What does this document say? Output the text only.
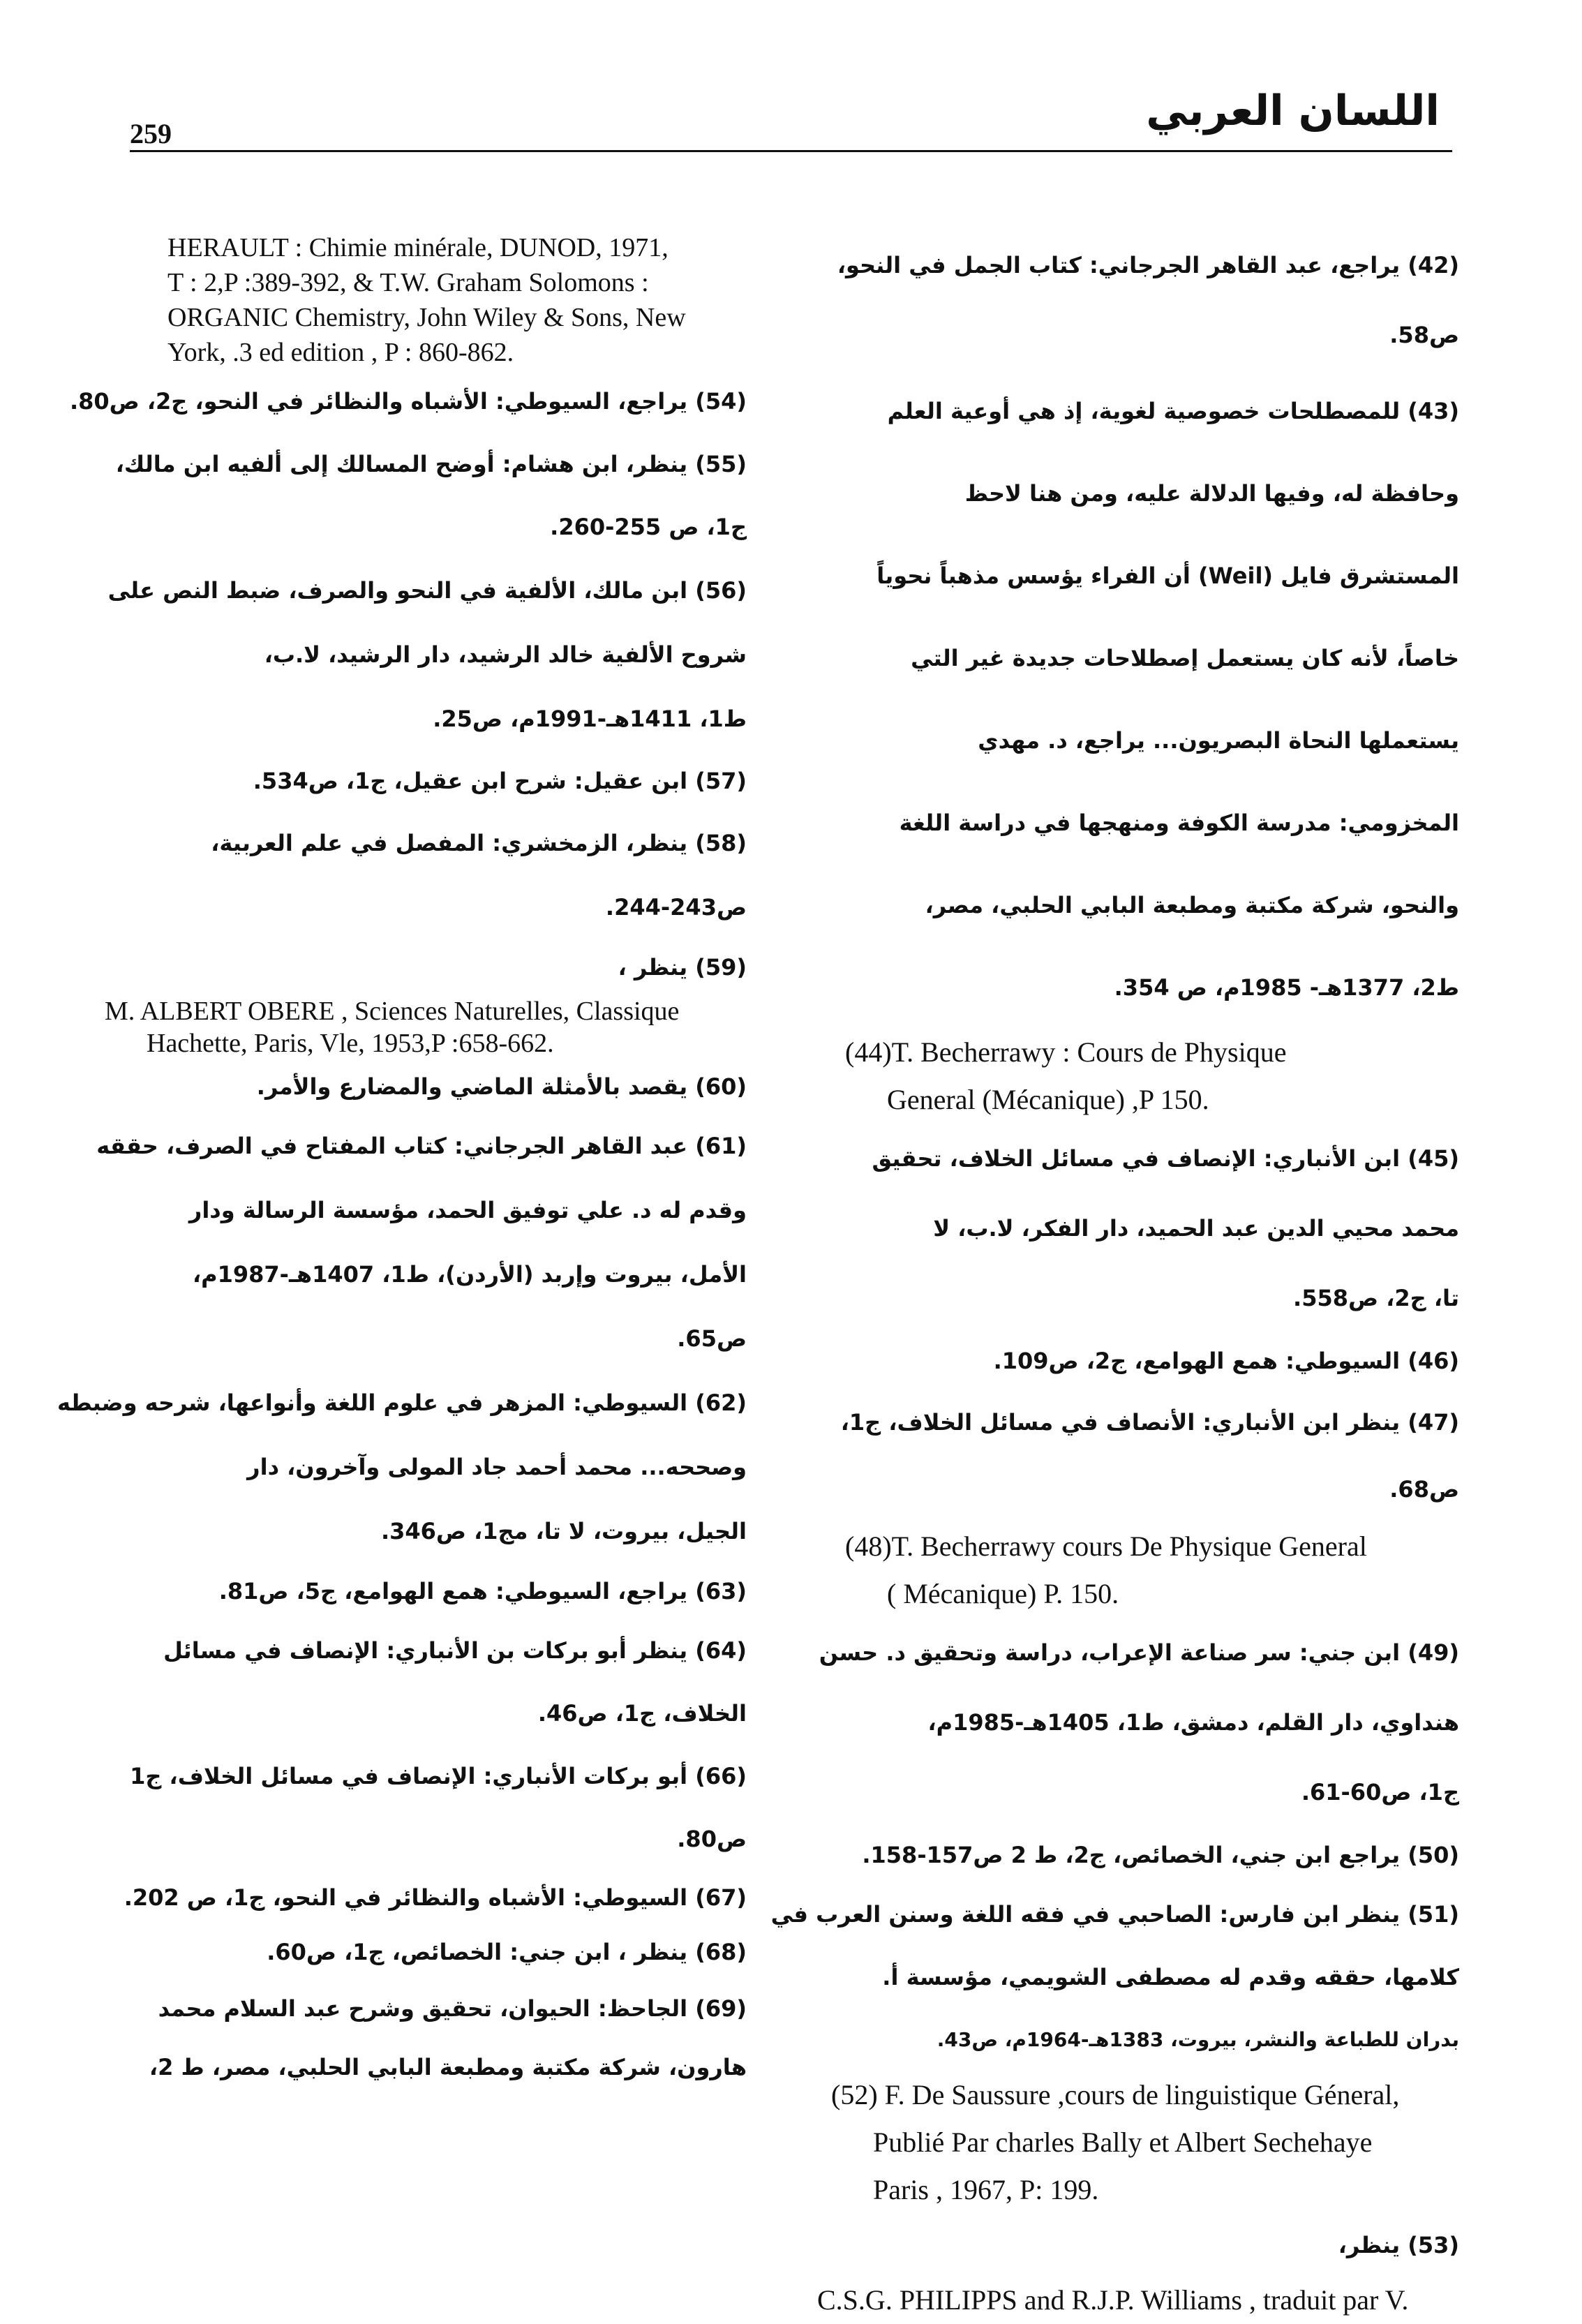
259	اللسان العربي
(42) يراجع، عبد القاهر الجرجاني: كتاب الجمل في النحو،
ص58.
(43) للمصطلحات خصوصية لغوية، إذ هي أوعية العلم
وحافظة له، وفيها الدلالة عليه، ومن هنا لاحظ
المستشرق فايل (Weil) أن الفراء يؤسس مذهباً نحوياً
خاصاً، لأنه كان يستعمل إصطلاحات جديدة غير التي
يستعملها النحاة البصريون... يراجع، د. مهدي
المخزومي: مدرسة الكوفة ومنهجها في دراسة اللغة
والنحو، شركة مكتبة ومطبعة البابي الحلبي، مصر،
ط2، 1377هـ- 1985م، ص 354.
(44)T. Becherrawy : Cours de Physique
General (Mécanique) ,P 150.
(45) ابن الأنباري: الإنصاف في مسائل الخلاف، تحقيق
محمد محيي الدين عبد الحميد، دار الفكر، لا.ب، لا
تا، ج2، ص558.
(46) السيوطي: همع الهوامع، ج2، ص109.
(47) ينظر ابن الأنباري: الأنصاف في مسائل الخلاف، ج1،
ص68.
(48)T. Becherrawy cours De Physique General
( Mécanique) P. 150.
(49) ابن جني: سر صناعة الإعراب، دراسة وتحقيق د. حسن
هنداوي، دار القلم، دمشق، ط1، 1405هـ-1985م،
ج1، ص60-61.
(50) يراجع ابن جني، الخصائص، ج2، ط 2 ص157-158.
(51) ينظر ابن فارس: الصاحبي في فقه اللغة وسنن العرب في
كلامها، حققه وقدم له مصطفى الشويمي، مؤسسة أ.
بدران للطباعة والنشر، بيروت، 1383هـ-1964م، ص43.
(52) F. De Saussure ,cours de linguistique Géneral,
Publié Par charles Bally et Albert Sechehaye
Paris , 1967, P: 199.
(53) ينظر،
C.S.G. PHILIPPS and R.J.P. Williams , traduit par V.
HERAULT : Chimie minérale, DUNOD, 1971,
T : 2,P :389-392, & T.W. Graham Solomons :
ORGANIC Chemistry, John Wiley & Sons, New
York, .3 ed edition , P : 860-862.
(54) يراجع، السيوطي: الأشباه والنظائر في النحو، ج2، ص80.
(55) ينظر، ابن هشام: أوضح المسالك إلى ألفيه ابن مالك،
ج1، ص 255-260.
(56) ابن مالك، الألفية في النحو والصرف، ضبط النص على
شروح الألفية خالد الرشيد، دار الرشيد، لا.ب،
ط1، 1411هـ-1991م، ص25.
(57) ابن عقيل: شرح ابن عقيل، ج1، ص534.
(58) ينظر، الزمخشري: المفصل في علم العربية،
ص243-244.
(59) ينظر ،
M. ALBERT OBERE , Sciences Naturelles, Classique
Hachette, Paris, Vle, 1953,P :658-662.
(60) يقصد بالأمثلة الماضي والمضارع والأمر.
(61) عبد القاهر الجرجاني: كتاب المفتاح في الصرف، حققه
وقدم له د. علي توفيق الحمد، مؤسسة الرسالة ودار
الأمل، بيروت وإربد (الأردن)، ط1، 1407هـ-1987م،
ص65.
(62) السيوطي: المزهر في علوم اللغة وأنواعها، شرحه وضبطه
وصححه... محمد أحمد جاد المولى وآخرون، دار
الجيل، بيروت، لا تا، مج1، ص346.
(63) يراجع، السيوطي: همع الهوامع، ج5، ص81.
(64) ينظر أبو بركات بن الأنباري: الإنصاف في مسائل
الخلاف، ج1، ص46.
(66) أبو بركات الأنباري: الإنصاف في مسائل الخلاف، ج1
ص80.
(67) السيوطي: الأشباه والنظائر في النحو، ج1، ص 202.
(68) ينظر ، ابن جني: الخصائص، ج1، ص60.
(69) الجاحظ: الحيوان، تحقيق وشرح عبد السلام محمد
هارون، شركة مكتبة ومطبعة البابي الحلبي، مصر، ط 2،
